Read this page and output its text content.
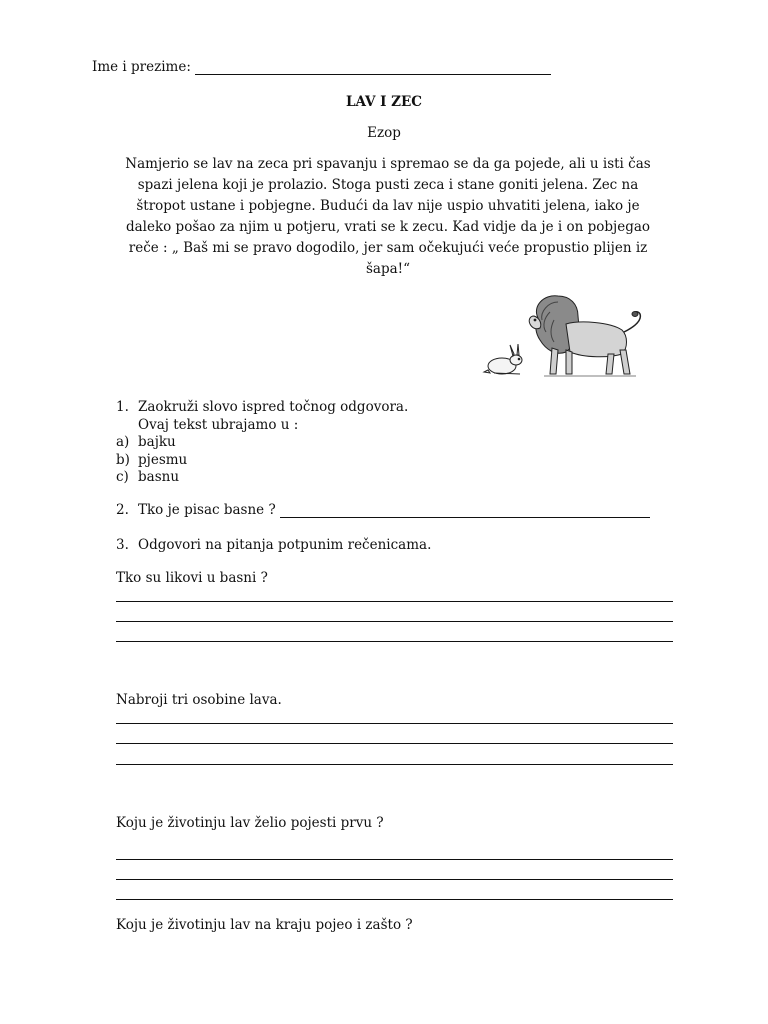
Ime i prezime:
LAV I ZEC
Ezop
Namjerio se lav na zeca pri spavanju i spremao se da ga pojede, ali u isti čas
spazi jelena koji je prolazio. Stoga pusti zeca i stane goniti jelena. Zec na
štropot ustane i pobjegne. Budući da lav nije uspio uhvatiti jelena, iako je
daleko pošao za njim u potjeru, vrati se k zecu. Kad vidje da je i on pobjegao
reče : „ Baš mi se pravo dogodilo, jer sam očekujući veće propustio plijen iz
šapa!“
1. Zaokruži slovo ispred točnog odgovora.
Ovaj tekst ubrajamo u :
a) bajku
b) pjesmu
c) basnu
2. Tko je pisac basne ?
3. Odgovori na pitanja potpunim rečenicama.
Tko su likovi u basni ?
Nabroji tri osobine lava.
Koju je životinju lav želio pojesti prvu ?
Koju je životinju lav na kraju pojeo i zašto ?
